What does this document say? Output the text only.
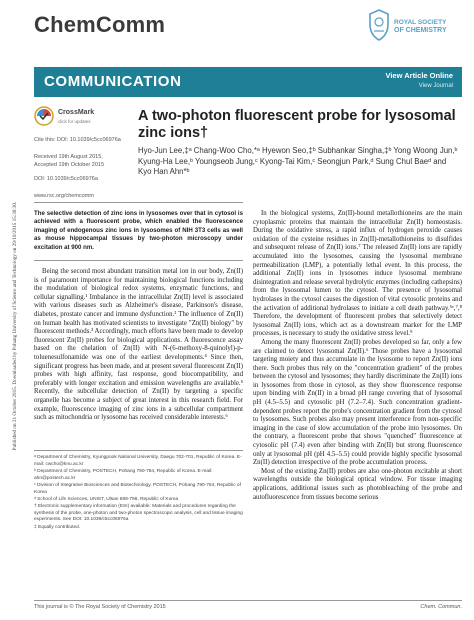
Published on 21 October 2015. Downloaded by Pohang University of Science and Technology on 29/10/2015 15:30:30.
ChemComm	ROYAL SOCIETY
OF CHEMISTRY
COMMUNICATION	View Article Online
View Journal
CrossMark
click for updates
Cite this: DOI: 10.1039/c5cc06976a
Received 19th August 2015,
Accepted 19th October 2015
DOI: 10.1039/c5cc06976a
www.rsc.org/chemcomm
A two-photon fluorescent probe for lysosomal zinc ions†
Hyo-Jun Lee,‡ᵃ Chang-Woo Cho,*ᵃ Hyewon Seo,‡ᵇ Subhankar Singha,‡ᵇ Yong Woong Jun,ᵇ Kyung-Ha Lee,ᵇ Youngseob Jung,ᶜ Kyong-Tai Kim,ᶜ Seongjun Park,ᵈ Sung Chul Baeᵈ and Kyo Han Ahn*ᵇ
The selective detection of zinc ions in lysosomes over that in cytosol is achieved with a fluorescent probe, which enabled the fluorescence imaging of endogenous zinc ions in lysosomes of NIH 3T3 cells as well as mouse hippocampal tissues by two-photon microscopy under excitation at 900 nm.

Being the second most abundant transition metal ion in our body, Zn(II) is of paramount importance for maintaining biological functions including the modulation of biological redox systems, enzymatic functions, and cellular signalling.¹ Imbalance in the intracellular Zn(II) level is associated with various diseases such as Alzheimer's disease, Parkinson's disease, diabetes, prostate cancer and immune dysfunction.² The influence of Zn(II) on human health has motivated scientists to investigate "Zn(II) biology" by fluorescent methods.³ Accordingly, much efforts have been made to develop fluorescent Zn(II) probes for biological applications. A fluorescence assay based on the chelation of Zn(II) with N-(6-methoxy-8-quinolyl)-p-toluenesulfonamide was one of the earliest developments.⁴ Since then, significant progress has been made, and at present several fluorescent Zn(II) probes with high affinity, fast response, good biocompatibility, and preferably with longer excitation and emission wavelengths are available.⁵ Recently, the subcellular detection of Zn(II) by targeting a specific organelle has become a subject of great interest in this research field. For example, fluorescence imaging of zinc ions in a subcellular compartment such as mitochondria or lysosome has received considerable interests.⁶

In the biological systems, Zn(II)-bound metallothioneins are the main cytoplasmic proteins that maintain the intracellular Zn(II) homeostasis. During the oxidative stress, a rapid influx of hydrogen peroxide causes oxidation of the cysteine residues in Zn(II)-metallothioneins to disulfides and subsequent release of Zn(II) ions.⁷ The released Zn(II) ions are rapidly accumulated into the lysosomes, causing the lysosomal membrane permeabilization (LMP), a potentially lethal event. In this process, the additional Zn(II) ions in lysosomes induce lysosomal membrane disintegration and release several hydrolytic enzymes (including cathepsins) from the lysosomal lumen to the cytosol. The presence of lysosomal hydrolases in the cytosol causes the digestion of vital cytosolic proteins and the activation of additional hydrolases to initiate a cell death pathway.⁵ᵉ,⁷,⁸ Therefore, the development of fluorescent probes that selectively detect lysosomal Zn(II) ions, which act as a downstream marker for the LMP processes, is necessary to study the oxidative stress level.⁹

Among the many fluorescent Zn(II) probes developed so far, only a few are claimed to detect lysosomal Zn(II).⁶ Those probes have a lysosomal targeting moiety and thus accumulate in the lysosome to report Zn(II) ions there. Such probes thus rely on the "concentration gradient" of the probes between the cytosol and lysosomes; they hardly discriminate the Zn(II) ions in lysosomes from those in cytosol, as they show fluorescence response upon binding with Zn(II) in a broad pH range covering that of lysosomal pH (4.5–5.5) and cytosolic pH (7.2–7.4). Such concentration gradient-dependent probes report the probe's concentration gradient from the cytosol to lysosomes. Such probes also may present interference from non-specific imaging in the case of slow accumulation of the probe into lysosomes. On the contrary, a fluorescent probe that shows "quenched" fluorescence at cytosolic pH (7.4) even after binding with Zn(II) but strong fluorescence only at lysosomal pH (pH 4.5–5.5) could provide highly specific lysosomal Zn(II) detection irrespective of the probe accumulation process.

Most of the existing Zn(II) probes are also one-photon excitable at short wavelengths outside the biological optical window. For tissue imaging applications, additional issues such as photobleaching of the probe and autofluorescence from tissues become serious

ᵃ Department of Chemistry, Kyungpook National University, Daegu 702-701, Republic of Korea. E-mail: cwcho@knu.ac.kr
ᵇ Department of Chemistry, POSTECH, Pohang 790-784, Republic of Korea. E-mail: ahn@postech.ac.kr
ᶜ Division of Integrative Biosciences and Biotechnology, POSTECH, Pohang 790-784, Republic of Korea
ᵈ School of Life Sciences, UNIST, Ulsan 689-798, Republic of Korea
† Electronic supplementary information (ESI) available: Materials and procedures regarding the synthesis of the probe, one-photon and two-photon spectroscopic analysis, cell and tissue imaging experiments. See DOI: 10.1039/c5cc06976a
‡ Equally contributed.
This journal is © The Royal Society of Chemistry 2015	Chem. Commun.
